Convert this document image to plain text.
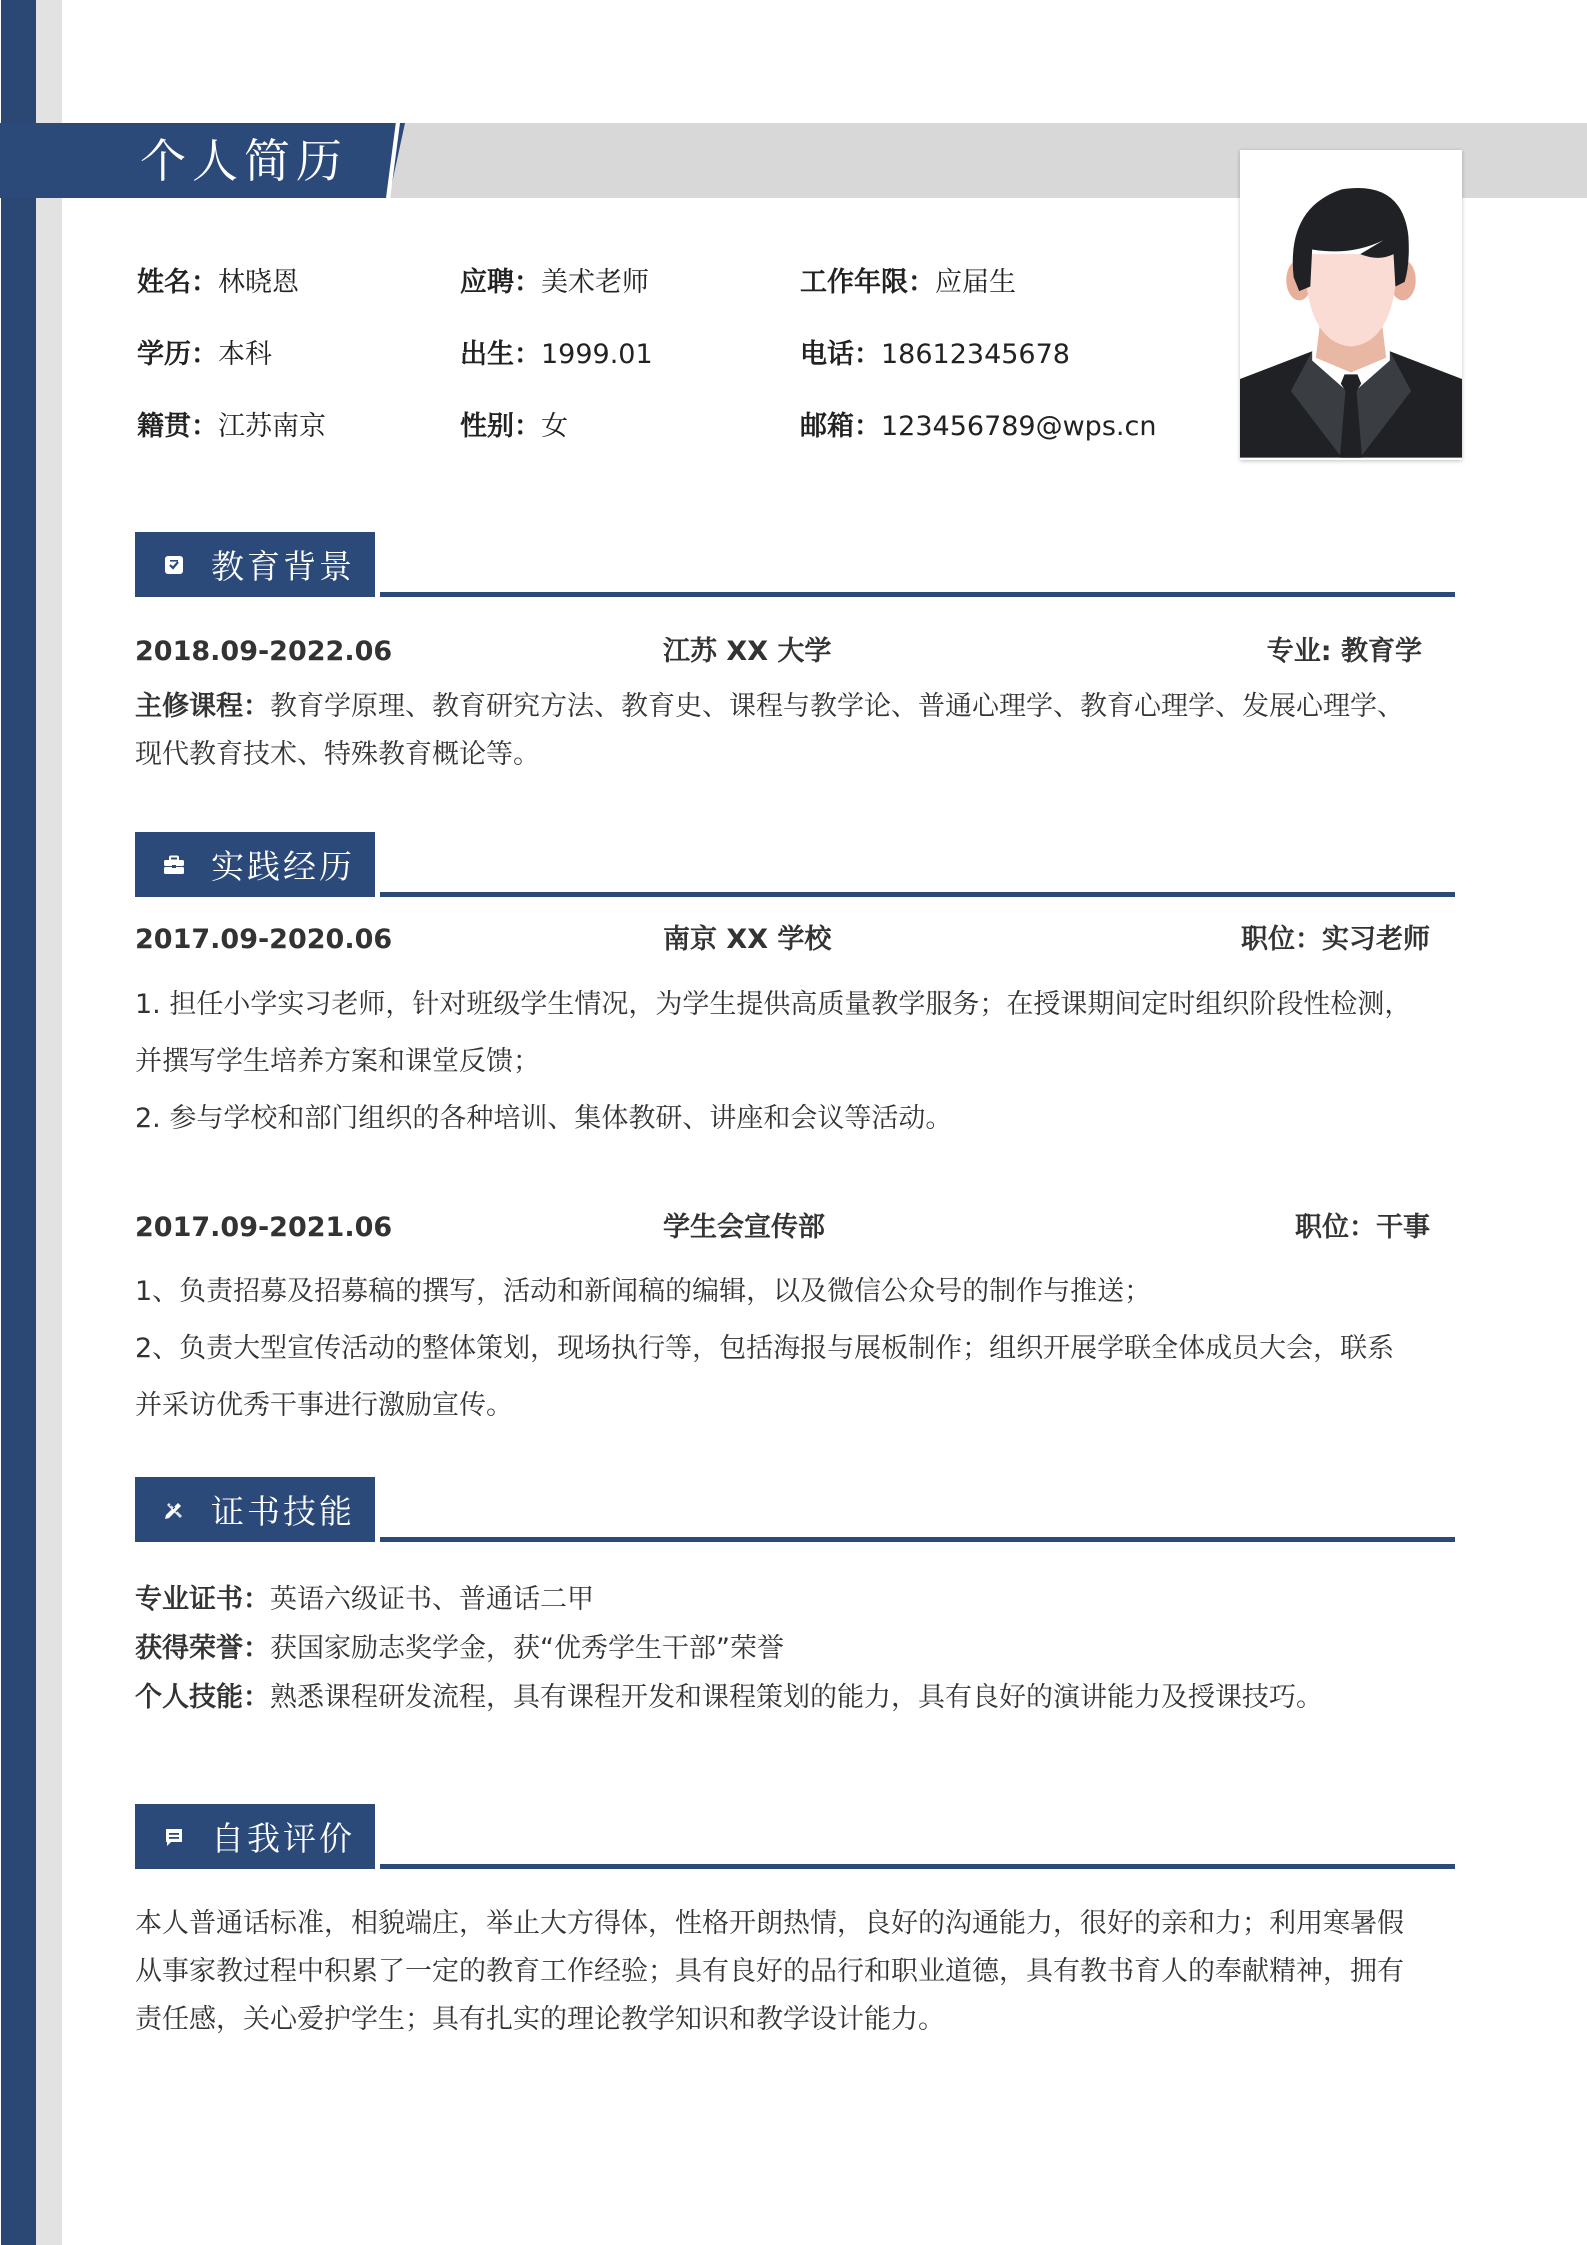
个人简历
姓名：林晓恩	应聘：美术老师	工作年限：应届生
学历：本科	出生：1999.01	电话：18612345678
籍贯：江苏南京	性别：女	邮箱：123456789@wps.cn
教育背景
2018.09-2022.06	江苏 XX 大学	专业: 教育学
主修课程：教育学原理、教育研究方法、教育史、课程与教学论、普通心理学、教育心理学、发展心理学、
现代教育技术、特殊教育概论等。
实践经历
2017.09-2020.06	南京 XX 学校	职位：实习老师
1. 担任小学实习老师，针对班级学生情况，为学生提供高质量教学服务；在授课期间定时组织阶段性检测，
并撰写学生培养方案和课堂反馈；
2. 参与学校和部门组织的各种培训、集体教研、讲座和会议等活动。
2017.09-2021.06	学生会宣传部	职位：干事
1、负责招募及招募稿的撰写，活动和新闻稿的编辑，以及微信公众号的制作与推送；
2、负责大型宣传活动的整体策划，现场执行等，包括海报与展板制作；组织开展学联全体成员大会，联系
并采访优秀干事进行激励宣传。
证书技能
专业证书：英语六级证书、普通话二甲
获得荣誉：获国家励志奖学金，获“优秀学生干部”荣誉
个人技能：熟悉课程研发流程，具有课程开发和课程策划的能力，具有良好的演讲能力及授课技巧。
自我评价
本人普通话标准，相貌端庄，举止大方得体，性格开朗热情，良好的沟通能力，很好的亲和力；利用寒暑假
从事家教过程中积累了一定的教育工作经验；具有良好的品行和职业道德，具有教书育人的奉献精神，拥有
责任感，关心爱护学生；具有扎实的理论教学知识和教学设计能力。
